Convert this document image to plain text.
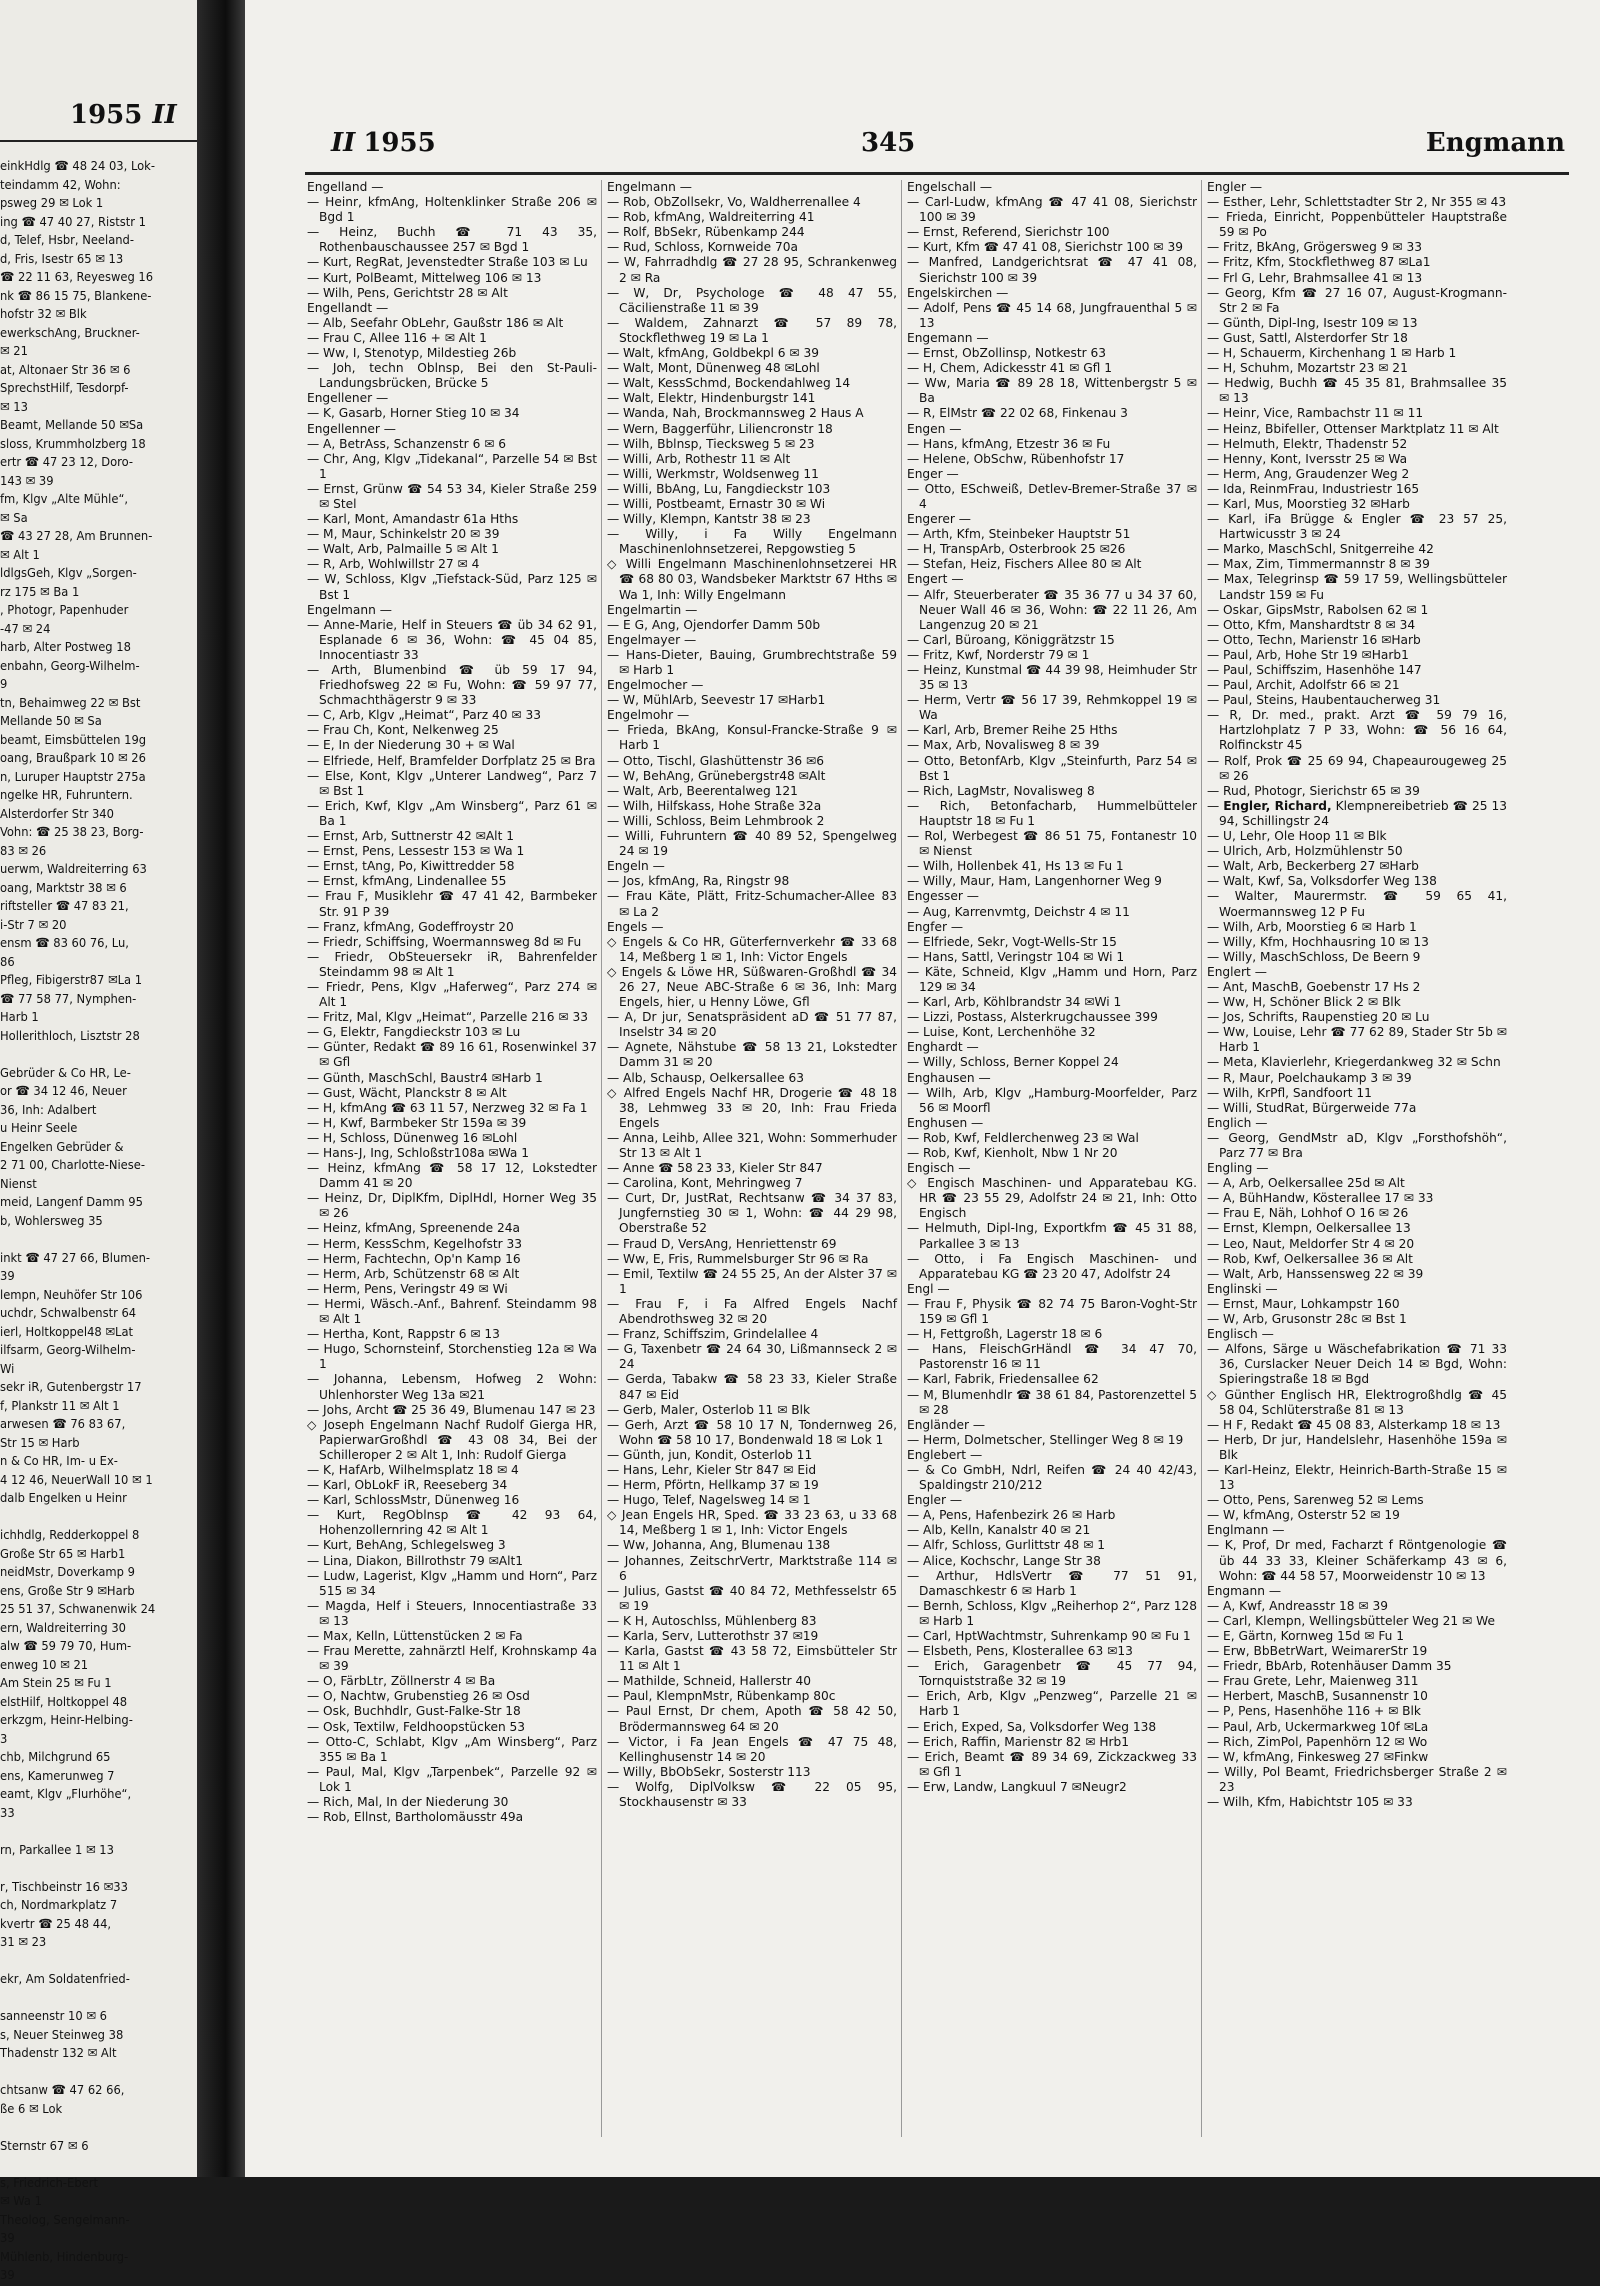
1955 II
einkHdlg ☎ 48 24 03, Lok-
teindamm 42, Wohn:
psweg 29 ✉ Lok 1
ing ☎ 47 40 27, Riststr 1
d, Telef, Hsbr, Neeland-
d, Fris, Isestr 65 ✉ 13
☎ 22 11 63, Reyesweg 16
nk ☎ 86 15 75, Blankene-
hofstr 32 ✉ Blk
ewerkschAng, Bruckner-
✉ 21
at, Altonaer Str 36 ✉ 6
SprechstHilf, Tesdorpf-
✉ 13
Beamt, Mellande 50 ✉Sa
sloss, Krummholzberg 18
ertr ☎ 47 23 12, Doro-
143 ✉ 39
fm, Klgv „Alte Mühle“,
✉ Sa
☎ 43 27 28, Am Brunnen-
✉ Alt 1
ldlgsGeh, Klgv „Sorgen-
rz 175 ✉ Ba 1
, Photogr, Papenhuder
-47 ✉ 24
harb, Alter Postweg 18
enbahn, Georg-Wilhelm-
9
tn, Behaimweg 22 ✉ Bst
Mellande 50 ✉ Sa
beamt, Eimsbüttelen 19g
oang, Braußpark 10 ✉ 26
n, Luruper Hauptstr 275a
ngelke HR, Fuhruntern.
Alsterdorfer Str 340
Vohn: ☎ 25 38 23, Borg-
83 ✉ 26
uerwm, Waldreiterring 63
oang, Marktstr 38 ✉ 6
riftsteller ☎ 47 83 21,
i-Str 7 ✉ 20
ensm ☎ 83 60 76, Lu,
86
Pfleg, Fibigerstr87 ✉La 1
☎ 77 58 77, Nymphen-
Harb 1
Hollerithloch, Lisztstr 28

Gebrüder & Co HR, Le-
or ☎ 34 12 46, Neuer
36, Inh: Adalbert
u Heinr Seele
Engelken Gebrüder &
2 71 00, Charlotte-Niese-
Nienst
meid, Langenf Damm 95
b, Wohlersweg 35

inkt ☎ 47 27 66, Blumen-
39
lempn, Neuhöfer Str 106
uchdr, Schwalbenstr 64
ierl, Holtkoppel48 ✉Lat
ilfsarm, Georg-Wilhelm-
Wi
sekr iR, Gutenbergstr 17
f, Plankstr 11 ✉ Alt 1
arwesen ☎ 76 83 67,
Str 15 ✉ Harb
n & Co HR, Im- u Ex-
4 12 46, NeuerWall 10 ✉ 1
dalb Engelken u Heinr

ichhdlg, Redderkoppel 8
Große Str 65 ✉ Harb1
neidMstr, Doverkamp 9
ens, Große Str 9 ✉Harb
25 51 37, Schwanenwik 24
ern, Waldreiterring 30
alw ☎ 59 79 70, Hum-
enweg 10 ✉ 21
Am Stein 25 ✉ Fu 1
elstHilf, Holtkoppel 48
erkzgm, Heinr-Helbing-
3
chb, Milchgrund 65
ens, Kamerunweg 7
eamt, Klgv „Flurhöhe“,
33

rn, Parkallee 1 ✉ 13

r, Tischbeinstr 16 ✉33
ch, Nordmarkplatz 7
kvertr ☎ 25 48 44,
31 ✉ 23

ekr, Am Soldatenfried-

sanneenstr 10 ✉ 6
s, Neuer Steinweg 38
Thadenstr 132 ✉ Alt

chtsanw ☎ 47 62 66,
ße 6 ✉ Lok

Sternstr 67 ✉ 6

s, Friedrich-Ebert
✉ Wa 1
Theolog, Sengelmann-
39
Mühlenb, Hindenburg-
39
II 1955	345	Engmann

Engelland —

— Heinr, kfmAng, Holtenklinker Straße 206 ✉ Bgd 1

— Heinz, Buchh ☎ 71 43 35, Rothenbauschaussee 257 ✉ Bgd 1

— Kurt, RegRat, Jevenstedter Straße 103 ✉ Lu

— Kurt, PolBeamt, Mittelweg 106 ✉ 13

— Wilh, Pens, Gerichtstr 28 ✉ Alt

Engellandt —

— Alb, Seefahr ObLehr, Gaußstr 186 ✉ Alt

— Frau C, Allee 116 + ✉ Alt 1

— Ww, I, Stenotyp, Mildestieg 26b

— Joh, techn Oblnsp, Bei den St-Pauli-Landungsbrücken, Brücke 5

Engellener —

— K, Gasarb, Horner Stieg 10 ✉ 34

Engellenner —

— A, BetrAss, Schanzenstr 6 ✉ 6

— Chr, Ang, Klgv „Tidekanal“, Parzelle 54 ✉ Bst 1

— Ernst, Grünw ☎ 54 53 34, Kieler Straße 259 ✉ Stel

— Karl, Mont, Amandastr 61a Hths

— M, Maur, Schinkelstr 20 ✉ 39

— Walt, Arb, Palmaille 5 ✉ Alt 1

— R, Arb, Wohlwillstr 27 ✉ 4

— W, Schloss, Klgv „Tiefstack-Süd, Parz 125 ✉ Bst 1

Engelmann —

— Anne-Marie, Helf in Steuers ☎ üb 34 62 91, Esplanade 6 ✉ 36, Wohn: ☎ 45 04 85, Innocentiastr 33

— Arth, Blumenbind ☎ üb 59 17 94, Friedhofsweg 22 ✉ Fu, Wohn: ☎ 59 97 77, Schmachthägerstr 9 ✉ 33

— C, Arb, Klgv „Heimat“, Parz 40 ✉ 33

— Frau Ch, Kont, Nelkenweg 25

— E, In der Niederung 30 + ✉ Wal

— Elfriede, Helf, Bramfelder Dorfplatz 25 ✉ Bra

— Else, Kont, Klgv „Unterer Landweg“, Parz 7 ✉ Bst 1

— Erich, Kwf, Klgv „Am Winsberg“, Parz 61 ✉ Ba 1

— Ernst, Arb, Suttnerstr 42 ✉Alt 1

— Ernst, Pens, Lessestr 153 ✉ Wa 1

— Ernst, tAng, Po, Kiwittredder 58

— Ernst, kfmAng, Lindenallee 55

— Frau F, Musiklehr ☎ 47 41 42, Barmbeker Str. 91 P 39

— Franz, kfmAng, Godeffroystr 20

— Friedr, Schiffsing, Woermannsweg 8d ✉ Fu

— Friedr, ObSteuersekr iR, Bahrenfelder Steindamm 98 ✉ Alt 1

— Friedr, Pens, Klgv „Haferweg“, Parz 274 ✉ Alt 1

— Fritz, Mal, Klgv „Heimat“, Parzelle 216 ✉ 33

— G, Elektr, Fangdieckstr 103 ✉ Lu

— Günter, Redakt ☎ 89 16 61, Rosenwinkel 37 ✉ Gfl

— Günth, MaschSchl, Baustr4 ✉Harb 1

— Gust, Wächt, Planckstr 8 ✉ Alt

— H, kfmAng ☎ 63 11 57, Nerzweg 32 ✉ Fa 1

— H, Kwf, Barmbeker Str 159a ✉ 39

— H, Schloss, Dünenweg 16 ✉Lohl

— Hans-J, Ing, Schloßstr108a ✉Wa 1

— Heinz, kfmAng ☎ 58 17 12, Lokstedter Damm 41 ✉ 20

— Heinz, Dr, DiplKfm, DiplHdl, Horner Weg 35 ✉ 26

— Heinz, kfmAng, Spreenende 24a

— Herm, KessSchm, Kegelhofstr 33

— Herm, Fachtechn, Op'n Kamp 16

— Herm, Arb, Schützenstr 68 ✉ Alt

— Herm, Pens, Veringstr 49 ✉ Wi

— Hermi, Wäsch.-Anf., Bahrenf. Steindamm 98 ✉ Alt 1

— Hertha, Kont, Rappstr 6 ✉ 13

— Hugo, Schornsteinf, Storchenstieg 12a ✉ Wa 1

— Johanna, Lebensm, Hofweg 2 Wohn: Uhlenhorster Weg 13a ✉21

— Johs, Archt ☎ 25 36 49, Blumenau 147 ✉ 23

◇ Joseph Engelmann Nachf Rudolf Gierga HR, PapierwarGroßhdl ☎ 43 08 34, Bei der Schilleroper 2 ✉ Alt 1, Inh: Rudolf Gierga

— K, HafArb, Wilhelmsplatz 18 ✉ 4

— Karl, ObLokF iR, Reeseberg 34

— Karl, SchlossMstr, Dünenweg 16

— Kurt, RegOblnsp ☎ 42 93 64, Hohenzollernring 42 ✉ Alt 1

— Kurt, BehAng, Schlegelsweg 3

— Lina, Diakon, Billrothstr 79 ✉Alt1

— Ludw, Lagerist, Klgv „Hamm und Horn“, Parz 515 ✉ 34

— Magda, Helf i Steuers, Innocentiastraße 33 ✉ 13

— Max, Kelln, Lüttenstücken 2 ✉ Fa

— Frau Merette, zahnärztl Helf, Krohnskamp 4a ✉ 39

— O, FärbLtr, Zöllnerstr 4 ✉ Ba

— O, Nachtw, Grubenstieg 26 ✉ Osd

— Osk, Buchhdlr, Gust-Falke-Str 18

— Osk, Textilw, Feldhoopstücken 53

— Otto-C, Schlabt, Klgv „Am Winsberg“, Parz 355 ✉ Ba 1

— Paul, Mal, Klgv „Tarpenbek“, Parzelle 92 ✉ Lok 1

— Rich, Mal, In der Niederung 30

— Rob, Ellnst, Bartholomäusstr 49a

Engelmann —

— Rob, ObZollsekr, Vo, Waldherrenallee 4

— Rob, kfmAng, Waldreiterring 41

— Rolf, BbSekr, Rübenkamp 244

— Rud, Schloss, Kornweide 70a

— W, Fahrradhdlg ☎ 27 28 95, Schrankenweg 2 ✉ Ra

— W, Dr, Psychologe ☎ 48 47 55, Cäcilienstraße 11 ✉ 39

— Waldem, Zahnarzt ☎ 57 89 78, Stockflethweg 19 ✉ La 1

— Walt, kfmAng, Goldbekpl 6 ✉ 39

— Walt, Mont, Dünenweg 48 ✉Lohl

— Walt, KessSchmd, Bockendahlweg 14

— Walt, Elektr, Hindenburgstr 141

— Wanda, Nah, Brockmannsweg 2 Haus A

— Wern, Baggerführ, Liliencronstr 18

— Wilh, Bblnsp, Tiecksweg 5 ✉ 23

— Willi, Arb, Rothestr 11 ✉ Alt

— Willi, Werkmstr, Woldsenweg 11

— Willi, BbAng, Lu, Fangdieckstr 103

— Willi, Postbeamt, Ernastr 30 ✉ Wi

— Willy, Klempn, Kantstr 38 ✉ 23

— Willy, i Fa Willy Engelmann Maschinenlohnsetzerei, Repgowstieg 5

◇ Willi Engelmann Maschinenlohnsetzerei HR ☎ 68 80 03, Wandsbeker Marktstr 67 Hths ✉ Wa 1, Inh: Willy Engelmann

Engelmartin —

— E G, Ang, Ojendorfer Damm 50b

Engelmayer —

— Hans-Dieter, Bauing, Grumbrechtstraße 59 ✉ Harb 1

Engelmocher —

— W, MühlArb, Seevestr 17 ✉Harb1

Engelmohr —

— Frieda, BkAng, Konsul-Francke-Straße 9 ✉ Harb 1

— Otto, Tischl, Glashüttenstr 36 ✉6

— W, BehAng, Grünebergstr48 ✉Alt

— Walt, Arb, Beerentalweg 121

— Wilh, Hilfskass, Hohe Straße 32a

— Willi, Schloss, Beim Lehmbrook 2

— Willi, Fuhruntern ☎ 40 89 52, Spengelweg 24 ✉ 19

Engeln —

— Jos, kfmAng, Ra, Ringstr 98

— Frau Käte, Plätt, Fritz-Schumacher-Allee 83 ✉ La 2

Engels —

◇ Engels & Co HR, Güterfernverkehr ☎ 33 68 14, Meßberg 1 ✉ 1, Inh: Victor Engels

◇ Engels & Löwe HR, Süßwaren-Großhdl ☎ 34 26 27, Neue ABC-Straße 6 ✉ 36, Inh: Marg Engels, hier, u Henny Löwe, Gfl

— A, Dr jur, Senatspräsident aD ☎ 51 77 87, Inselstr 34 ✉ 20

— Agnete, Nähstube ☎ 58 13 21, Lokstedter Damm 31 ✉ 20

— Alb, Schausp, Oelkersallee 63

◇ Alfred Engels Nachf HR, Drogerie ☎ 48 18 38, Lehmweg 33 ✉ 20, Inh: Frau Frieda Engels

— Anna, Leihb, Allee 321, Wohn: Sommerhuder Str 13 ✉ Alt 1

— Anne ☎ 58 23 33, Kieler Str 847

— Carolina, Kont, Mehringweg 7

— Curt, Dr, JustRat, Rechtsanw ☎ 34 37 83, Jungfernstieg 30 ✉ 1, Wohn: ☎ 44 29 98, Oberstraße 52

— Fraud D, VersAng, Henriettenstr 69

— Ww, E, Fris, Rummelsburger Str 96 ✉ Ra

— Emil, Textilw ☎ 24 55 25, An der Alster 37 ✉ 1

— Frau F, i Fa Alfred Engels Nachf Abendrothsweg 32 ✉ 20

— Franz, Schiffszim, Grindelallee 4

— G, Taxenbetr ☎ 24 64 30, Lißmannseck 2 ✉ 24

— Gerda, Tabakw ☎ 58 23 33, Kieler Straße 847 ✉ Eid

— Gerb, Maler, Osterlob 11 ✉ Blk

— Gerh, Arzt ☎ 58 10 17 N, Tondernweg 26, Wohn ☎ 58 10 17, Bondenwald 18 ✉ Lok 1

— Günth, jun, Kondit, Osterlob 11

— Hans, Lehr, Kieler Str 847 ✉ Eid

— Herm, Pförtn, Hellkamp 37 ✉ 19

— Hugo, Telef, Nagelsweg 14 ✉ 1

◇ Jean Engels HR, Sped. ☎ 33 23 63, u 33 68 14, Meßberg 1 ✉ 1, Inh: Victor Engels

— Ww, Johanna, Ang, Blumenau 138

— Johannes, ZeitschrVertr, Marktstraße 114 ✉ 6

— Julius, Gastst ☎ 40 84 72, Methfesselstr 65 ✉ 19

— K H, Autoschlss, Mühlenberg 83

— Karla, Serv, Lutterothstr 37 ✉19

— Karla, Gastst ☎ 43 58 72, Eimsbütteler Str 11 ✉ Alt 1

— Mathilde, Schneid, Hallerstr 40

— Paul, KlempnMstr, Rübenkamp 80c

— Paul Ernst, Dr chem, Apoth ☎ 58 42 50, Brödermannsweg 64 ✉ 20

— Victor, i Fa Jean Engels ☎ 47 75 48, Kellinghusenstr 14 ✉ 20

— Willy, BbObSekr, Sosterstr 113

— Wolfg, DiplVolksw ☎ 22 05 95, Stockhausenstr ✉ 33

Engelschall —

— Carl-Ludw, kfmAng ☎ 47 41 08, Sierichstr 100 ✉ 39

— Ernst, Referend, Sierichstr 100

— Kurt, Kfm ☎ 47 41 08, Sierichstr 100 ✉ 39

— Manfred, Landgerichtsrat ☎ 47 41 08, Sierichstr 100 ✉ 39

Engelskirchen —

— Adolf, Pens ☎ 45 14 68, Jungfrauenthal 5 ✉ 13

Engemann —

— Ernst, ObZollinsp, Notkestr 63

— H, Chem, Adickesstr 41 ✉ Gfl 1

— Ww, Maria ☎ 89 28 18, Wittenbergstr 5 ✉ Ba

— R, ElMstr ☎ 22 02 68, Finkenau 3

Engen —

— Hans, kfmAng, Etzestr 36 ✉ Fu

— Helene, ObSchw, Rübenhofstr 17

Enger —

— Otto, ESchweiß, Detlev-Bremer-Straße 37 ✉ 4

Engerer —

— Arth, Kfm, Steinbeker Hauptstr 51

— H, TranspArb, Osterbrook 25 ✉26

— Stefan, Heiz, Fischers Allee 80 ✉ Alt

Engert —

— Alfr, Steuerberater ☎ 35 36 77 u 34 37 60, Neuer Wall 46 ✉ 36, Wohn: ☎ 22 11 26, Am Langenzug 20 ✉ 21

— Carl, Büroang, Königgrätzstr 15

— Fritz, Kwf, Norderstr 79 ✉ 1

— Heinz, Kunstmal ☎ 44 39 98, Heimhuder Str 35 ✉ 13

— Herm, Vertr ☎ 56 17 39, Rehmkoppel 19 ✉ Wa

— Karl, Arb, Bremer Reihe 25 Hths

— Max, Arb, Novalisweg 8 ✉ 39

— Otto, BetonfArb, Klgv „Steinfurth, Parz 54 ✉ Bst 1

— Rich, LagMstr, Novalisweg 8

— Rich, Betonfacharb, Hummelbütteler Hauptstr 18 ✉ Fu 1

— Rol, Werbegest ☎ 86 51 75, Fontanestr 10 ✉ Nienst

— Wilh, Hollenbek 41, Hs 13 ✉ Fu 1

— Willy, Maur, Ham, Langenhorner Weg 9

Engesser —

— Aug, Karrenvmtg, Deichstr 4 ✉ 11

Engfer —

— Elfriede, Sekr, Vogt-Wells-Str 15

— Hans, Sattl, Veringstr 104 ✉ Wi 1

— Käte, Schneid, Klgv „Hamm und Horn, Parz 129 ✉ 34

— Karl, Arb, Köhlbrandstr 34 ✉Wi 1

— Lizzi, Postass, Alsterkrugchaussee 399

— Luise, Kont, Lerchenhöhe 32

Enghardt —

— Willy, Schloss, Berner Koppel 24

Enghausen —

— Wilh, Arb, Klgv „Hamburg-Moorfelder, Parz 56 ✉ Moorfl

Enghusen —

— Rob, Kwf, Feldlerchenweg 23 ✉ Wal

— Rob, Kwf, Kienholt, Nbw 1 Nr 20

Engisch —

◇ Engisch Maschinen- und Apparatebau KG. HR ☎ 23 55 29, Adolfstr 24 ✉ 21, Inh: Otto Engisch

— Helmuth, Dipl-Ing, Exportkfm ☎ 45 31 88, Parkallee 3 ✉ 13

— Otto, i Fa Engisch Maschinen- und Apparatebau KG ☎ 23 20 47, Adolfstr 24

Engl —

— Frau F, Physik ☎ 82 74 75 Baron-Voght-Str 159 ✉ Gfl 1

— H, Fettgroßh, Lagerstr 18 ✉ 6

— Hans, FleischGrHändl ☎ 34 47 70, Pastorenstr 16 ✉ 11

— Karl, Fabrik, Friedensallee 62

— M, Blumenhdlr ☎ 38 61 84, Pastorenzettel 5 ✉ 28

Engländer —

— Herm, Dolmetscher, Stellinger Weg 8 ✉ 19

Englebert —

— & Co GmbH, Ndrl, Reifen ☎ 24 40 42/43, Spaldingstr 210/212

Engler —

— A, Pens, Hafenbezirk 26 ✉ Harb

— Alb, Kelln, Kanalstr 40 ✉ 21

— Alfr, Schloss, Gurlittstr 48 ✉ 1

— Alice, Kochschr, Lange Str 38

— Arthur, HdlsVertr ☎ 77 51 91, Damaschkestr 6 ✉ Harb 1

— Bernh, Schloss, Klgv „Reiherhop 2“, Parz 128 ✉ Harb 1

— Carl, HptWachtmstr, Suhrenkamp 90 ✉ Fu 1

— Elsbeth, Pens, Klosterallee 63 ✉13

— Erich, Garagenbetr ☎ 45 77 94, Tornquiststraße 32 ✉ 19

— Erich, Arb, Klgv „Penzweg“, Parzelle 21 ✉ Harb 1

— Erich, Exped, Sa, Volksdorfer Weg 138

— Erich, Raffin, Marienstr 82 ✉ Hrb1

— Erich, Beamt ☎ 89 34 69, Zickzackweg 33 ✉ Gfl 1

— Erw, Landw, Langkuul 7 ✉Neugr2

Engler —

— Esther, Lehr, Schlettstadter Str 2, Nr 355 ✉ 43

— Frieda, Einricht, Poppenbütteler Hauptstraße 59 ✉ Po

— Fritz, BkAng, Grögersweg 9 ✉ 33

— Fritz, Kfm, Stockflethweg 87 ✉La1

— Frl G, Lehr, Brahmsallee 41 ✉ 13

— Georg, Kfm ☎ 27 16 07, August-Krogmann-Str 2 ✉ Fa

— Günth, Dipl-Ing, Isestr 109 ✉ 13

— Gust, Sattl, Alsterdorfer Str 18

— H, Schauerm, Kirchenhang 1 ✉ Harb 1

— H, Schuhm, Mozartstr 23 ✉ 21

— Hedwig, Buchh ☎ 45 35 81, Brahmsallee 35 ✉ 13

— Heinr, Vice, Rambachstr 11 ✉ 11

— Heinz, Bbifeller, Ottenser Marktplatz 11 ✉ Alt

— Helmuth, Elektr, Thadenstr 52

— Henny, Kont, Iversstr 25 ✉ Wa

— Herm, Ang, Graudenzer Weg 2

— Ida, ReinmFrau, Industriestr 165

— Karl, Mus, Moorstieg 32 ✉Harb

— Karl, iFa Brügge & Engler ☎ 23 57 25, Hartwicusstr 3 ✉ 24

— Marko, MaschSchl, Snitgerreihe 42

— Max, Zim, Timmermannstr 8 ✉ 39

— Max, Telegrinsp ☎ 59 17 59, Wellingsbütteler Landstr 159 ✉ Fu

— Oskar, GipsMstr, Rabolsen 62 ✉ 1

— Otto, Kfm, Manshardtstr 8 ✉ 34

— Otto, Techn, Marienstr 16 ✉Harb

— Paul, Arb, Hohe Str 19 ✉Harb1

— Paul, Schiffszim, Hasenhöhe 147

— Paul, Archit, Adolfstr 66 ✉ 21

— Paul, Steins, Haubentaucherweg 31

— R, Dr. med., prakt. Arzt ☎ 59 79 16, Hartzlohplatz 7 P 33, Wohn: ☎ 56 16 64, Rolfinckstr 45

— Rolf, Prok ☎ 25 69 94, Chapeaurougeweg 25 ✉ 26

— Rud, Photogr, Sierichstr 65 ✉ 39

— Engler, Richard, Klempnereibetrieb ☎ 25 13 94, Schillingstr 24

— U, Lehr, Ole Hoop 11 ✉ Blk

— Ulrich, Arb, Holzmühlenstr 50

— Walt, Arb, Beckerberg 27 ✉Harb

— Walt, Kwf, Sa, Volksdorfer Weg 138

— Walter, Maurermstr. ☎ 59 65 41, Woermannsweg 12 P Fu

— Wilh, Arb, Moorstieg 6 ✉ Harb 1

— Willy, Kfm, Hochhausring 10 ✉ 13

— Willy, MaschSchloss, De Beern 9

Englert —

— Ant, MaschB, Goebenstr 17 Hs 2

— Ww, H, Schöner Blick 2 ✉ Blk

— Jos, Schrifts, Raupenstieg 20 ✉ Lu

— Ww, Louise, Lehr ☎ 77 62 89, Stader Str 5b ✉ Harb 1

— Meta, Klavierlehr, Kriegerdankweg 32 ✉ Schn

— R, Maur, Poelchaukamp 3 ✉ 39

— Wilh, KrPfl, Sandfoort 11

— Willi, StudRat, Bürgerweide 77a

Englich —

— Georg, GendMstr aD, Klgv „Forsthofshöh“, Parz 77 ✉ Bra

Engling —

— A, Arb, Oelkersallee 25d ✉ Alt

— A, BühHandw, Kösterallee 17 ✉ 33

— Frau E, Näh, Lohhof O 16 ✉ 26

— Ernst, Klempn, Oelkersallee 13

— Leo, Naut, Meldorfer Str 4 ✉ 20

— Rob, Kwf, Oelkersallee 36 ✉ Alt

— Walt, Arb, Hanssensweg 22 ✉ 39

Englinski —

— Ernst, Maur, Lohkampstr 160

— W, Arb, Grusonstr 28c ✉ Bst 1

Englisch —

— Alfons, Särge u Wäschefabrikation ☎ 71 33 36, Curslacker Neuer Deich 14 ✉ Bgd, Wohn: Spieringstraße 18 ✉ Bgd

◇ Günther Englisch HR, Elektrogroßhdlg ☎ 45 58 04, Schlüterstraße 81 ✉ 13

— H F, Redakt ☎ 45 08 83, Alsterkamp 18 ✉ 13

— Herb, Dr jur, Handelslehr, Hasenhöhe 159a ✉ Blk

— Karl-Heinz, Elektr, Heinrich-Barth-Straße 15 ✉ 13

— Otto, Pens, Sarenweg 52 ✉ Lems

— W, kfmAng, Osterstr 52 ✉ 19

Englmann —

— K, Prof, Dr med, Facharzt f Röntgenologie ☎ üb 44 33 33, Kleiner Schäferkamp 43 ✉ 6, Wohn: ☎ 44 58 57, Moorweidenstr 10 ✉ 13

Engmann —

— A, Kwf, Andreasstr 18 ✉ 39

— Carl, Klempn, Wellingsbütteler Weg 21 ✉ We

— E, Gärtn, Kornweg 15d ✉ Fu 1

— Erw, BbBetrWart, WeimarerStr 19

— Friedr, BbArb, Rotenhäuser Damm 35

— Frau Grete, Lehr, Maienweg 311

— Herbert, MaschB, Susannenstr 10

— P, Pens, Hasenhöhe 116 + ✉ Blk

— Paul, Arb, Uckermarkweg 10f ✉La

— Rich, ZimPol, Papenhörn 12 ✉ Wo

— W, kfmAng, Finkesweg 27 ✉Finkw

— Willy, Pol Beamt, Friedrichsberger Straße 2 ✉ 23

— Wilh, Kfm, Habichtstr 105 ✉ 33
